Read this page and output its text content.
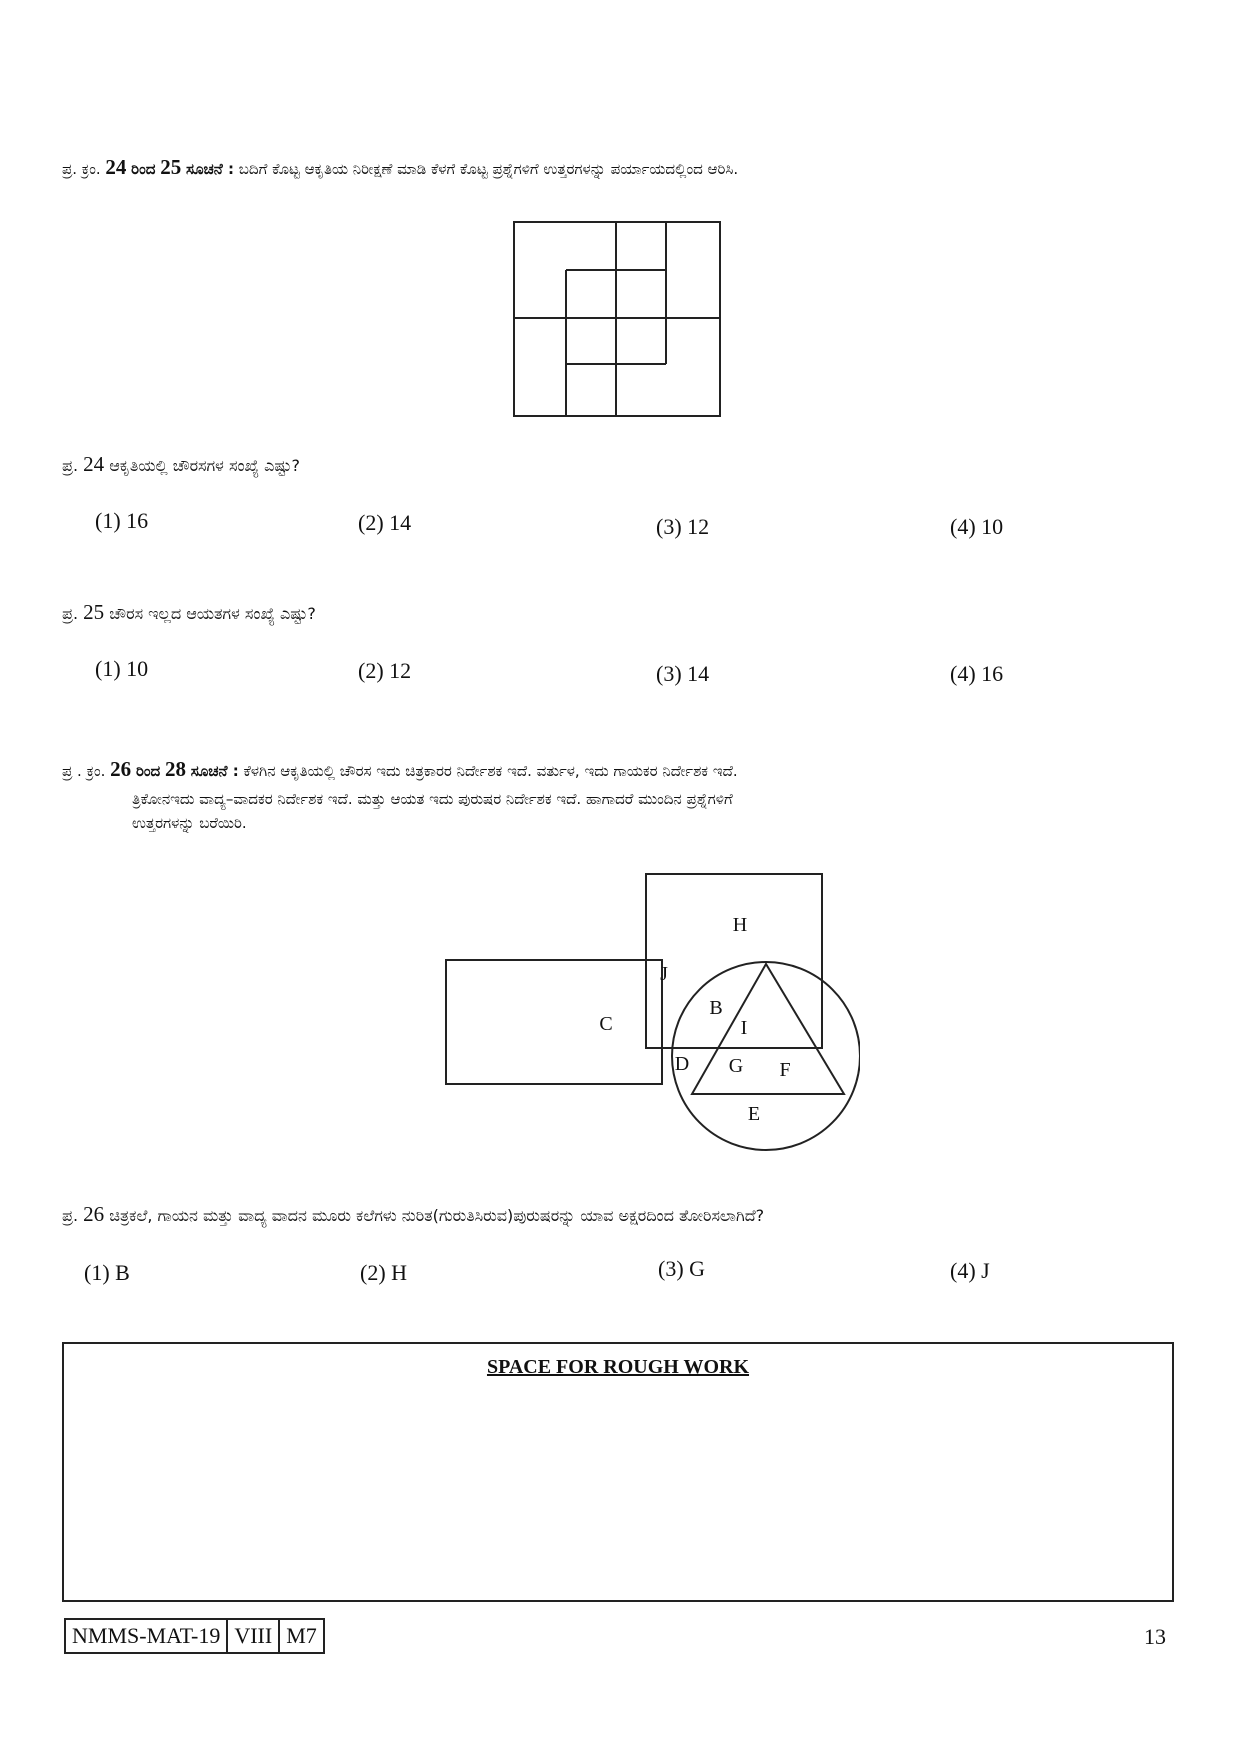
ಪ್ರ. ಕ್ರಂ. 24 ರಿಂದ 25 ಸೂಚನೆ : ಬದಿಗೆ ಕೊಟ್ಟ ಆಕೃತಿಯ ನಿರೀಕ್ಷಣೆ ಮಾಡಿ ಕೆಳಗೆ ಕೊಟ್ಟ ಪ್ರಶ್ನೆಗಳಿಗೆ ಉತ್ತರಗಳನ್ನು ಪರ್ಯಾಯದಲ್ಲಿಂದ ಆರಿಸಿ.
ಪ್ರ. 24 ಆಕೃತಿಯಲ್ಲಿ ಚೌರಸಗಳ ಸಂಖ್ಯೆ ಎಷ್ಟು?
(1) 16	(2) 14	(3) 12	(4) 10
ಪ್ರ. 25 ಚೌರಸ ಇಲ್ಲದ ಆಯತಗಳ ಸಂಖ್ಯೆ ಎಷ್ಟು?
(1) 10	(2) 12	(3) 14	(4) 16
ಪ್ರ . ಕ್ರಂ. 26 ರಿಂದ 28 ಸೂಚನೆ : ಕೆಳಗಿನ ಆಕೃತಿಯಲ್ಲಿ ಚೌರಸ ಇದು ಚಿತ್ರಕಾರರ ನಿರ್ದೇಶಕ ಇದೆ. ವರ್ತುಳ, ಇದು ಗಾಯಕರ ನಿರ್ದೇಶಕ ಇದೆ.
ತ್ರಿಕೋನಇದು ವಾದ್ಯ–ವಾದಕರ ನಿರ್ದೇಶಕ ಇದೆ. ಮತ್ತು ಆಯತ ಇದು ಪುರುಷರ ನಿರ್ದೇಶಕ ಇದೆ. ಹಾಗಾದರೆ ಮುಂದಿನ ಪ್ರಶ್ನೆಗಳಿಗೆ
ಉತ್ತರಗಳನ್ನು ಬರೆಯಿರಿ.
H
J
C
B
I
D G F
E
ಪ್ರ. 26 ಚಿತ್ರಕಲೆ, ಗಾಯನ ಮತ್ತು ವಾದ್ಯ ವಾದನ ಮೂರು ಕಲೆಗಳು ನುರಿತ(ಗುರುತಿಸಿರುವ)ಪುರುಷರನ್ನು ಯಾವ ಅಕ್ಷರದಿಂದ ತೋರಿಸಲಾಗಿದೆ?
(1) B	(2) H	(3) G	(4) J
SPACE FOR ROUGH WORK
NMMS-MAT-19 VIII M7	13
